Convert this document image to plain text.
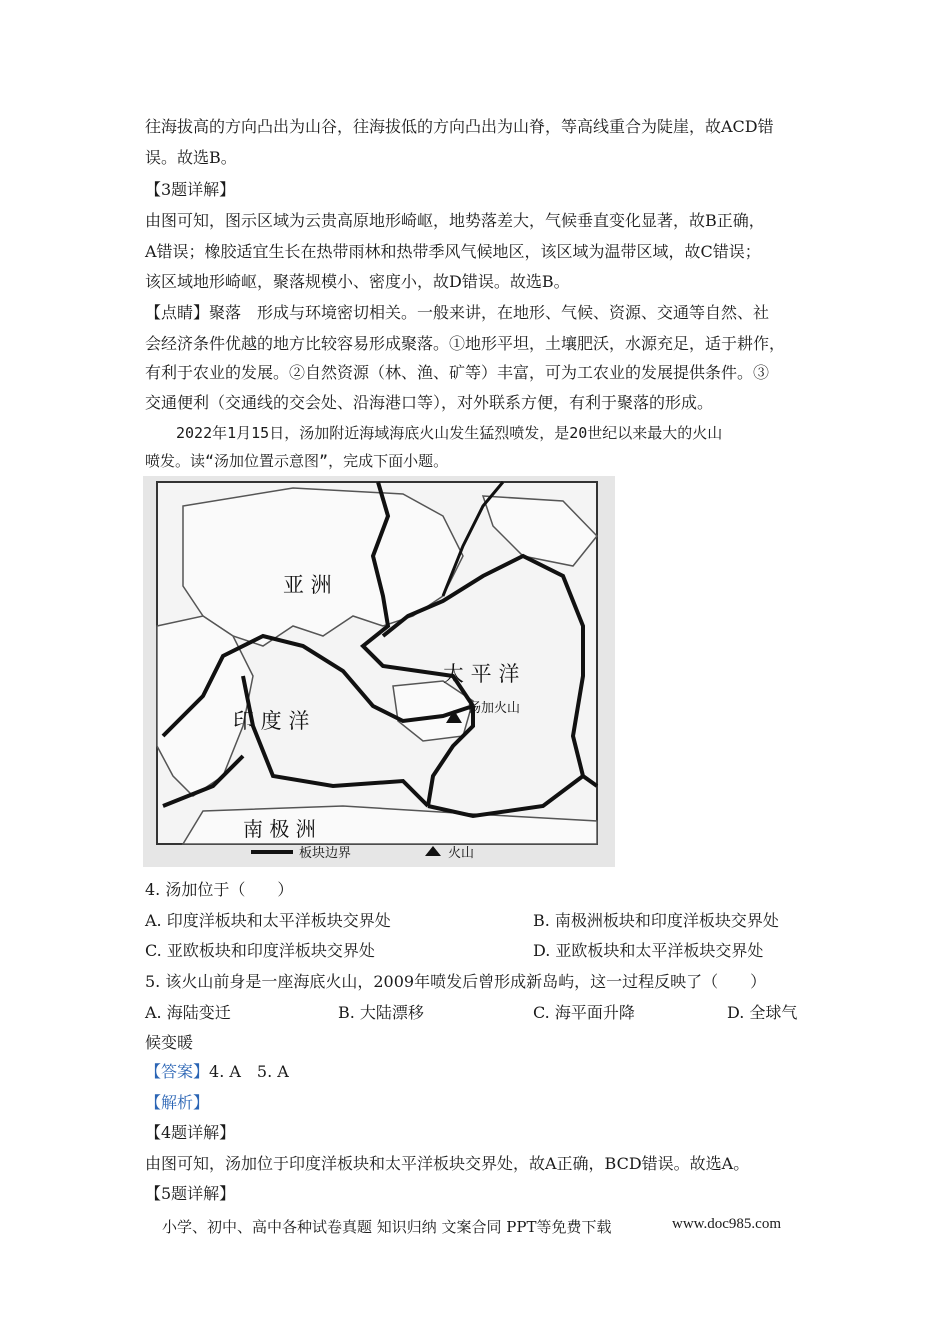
往海拔高的方向凸出为山谷，往海拔低的方向凸出为山脊，等高线重合为陡崖，故ACD错
误。故选B。
【3题详解】
由图可知，图示区域为云贵高原地形崎岖，地势落差大，气候垂直变化显著，故B正确，
A错误；橡胶适宜生长在热带雨林和热带季风气候地区，该区域为温带区域，故C错误；
该区域地形崎岖，聚落规模小、密度小，故D错误。故选B。
【点睛】聚落　形成与环境密切相关。一般来讲，在地形、气候、资源、交通等自然、社
会经济条件优越的地方比较容易形成聚落。①地形平坦，土壤肥沃，水源充足，适于耕作，
有利于农业的发展。②自然资源（林、渔、矿等）丰富，可为工农业的发展提供条件。③
交通便利（交通线的交会处、沿海港口等），对外联系方便，有利于聚落的形成。
2022年1月15日，汤加附近海域海底火山发生猛烈喷发，是20世纪以来最大的火山
喷发。读“汤加位置示意图”，完成下面小题。
亚 洲
太 平 洋
印 度 洋
南 极 洲
汤加火山
板块边界	火山
4. 汤加位于（　　）
A. 印度洋板块和太平洋板块交界处	B. 南极洲板块和印度洋板块交界处
C. 亚欧板块和印度洋板块交界处	D. 亚欧板块和太平洋板块交界处
5. 该火山前身是一座海底火山，2009年喷发后曾形成新岛屿，这一过程反映了（　　）
A. 海陆变迁	B. 大陆漂移	C. 海平面升降	D. 全球气
候变暖
【答案】4. A　5. A
【解析】
【4题详解】
由图可知，汤加位于印度洋板块和太平洋板块交界处，故A正确，BCD错误。故选A。
【5题详解】
小学、初中、高中各种试卷真题 知识归纳 文案合同 PPT等免费下载	www.doc985.com
